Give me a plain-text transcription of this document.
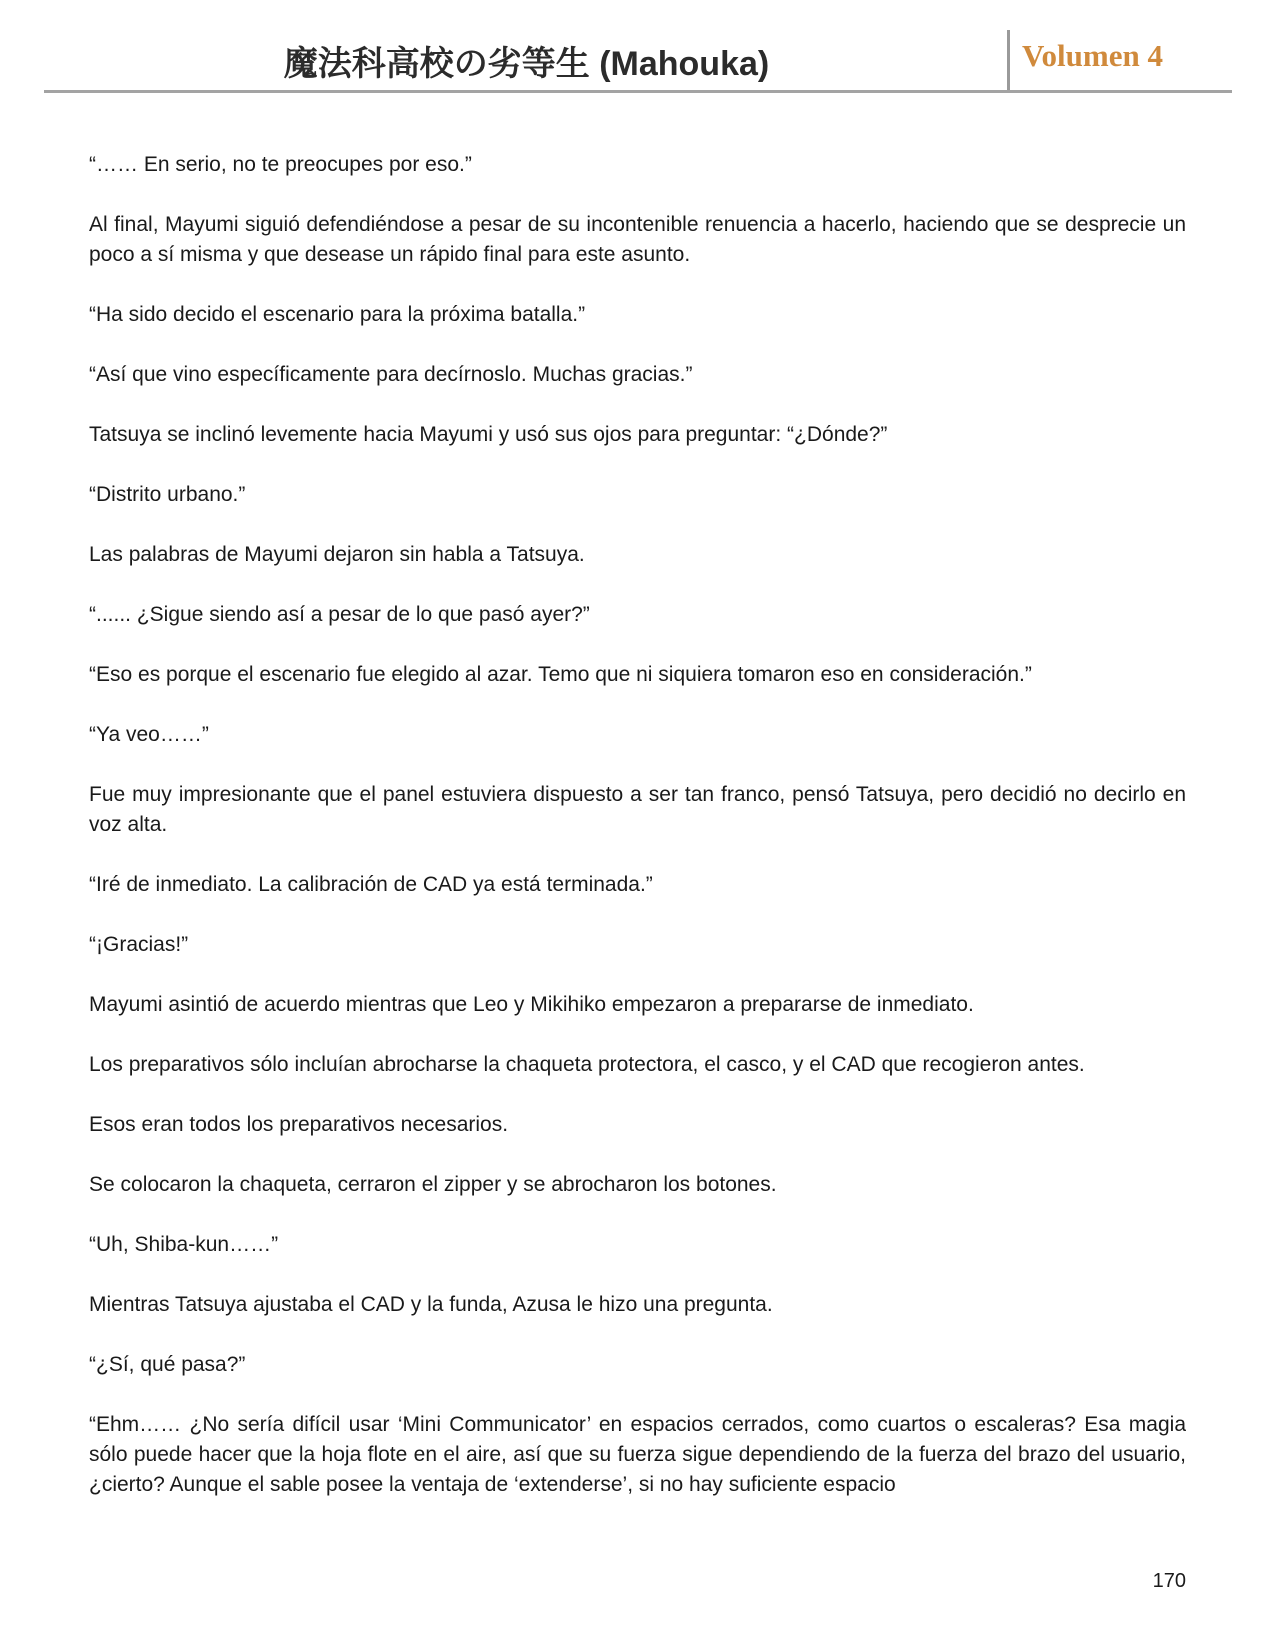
魔法科高校の劣等生 (Mahouka)	Volumen 4

“…… En serio, no te preocupes por eso.”

Al final, Mayumi siguió defendiéndose a pesar de su incontenible renuencia a hacerlo, haciendo que se desprecie un poco a sí misma y que desease un rápido final para este asunto.

“Ha sido decido el escenario para la próxima batalla.”

“Así que vino específicamente para decírnoslo. Muchas gracias.”

Tatsuya se inclinó levemente hacia Mayumi y usó sus ojos para preguntar: “¿Dónde?”

“Distrito urbano.”

Las palabras de Mayumi dejaron sin habla a Tatsuya.

“...... ¿Sigue siendo así a pesar de lo que pasó ayer?”

“Eso es porque el escenario fue elegido al azar. Temo que ni siquiera tomaron eso en consideración.”

“Ya veo……”

Fue muy impresionante que el panel estuviera dispuesto a ser tan franco, pensó Tatsuya, pero decidió no decirlo en voz alta.

“Iré de inmediato. La calibración de CAD ya está terminada.”

“¡Gracias!”

Mayumi asintió de acuerdo mientras que Leo y Mikihiko empezaron a prepararse de inmediato.

Los preparativos sólo incluían abrocharse la chaqueta protectora, el casco, y el CAD que recogieron antes.

Esos eran todos los preparativos necesarios.

Se colocaron la chaqueta, cerraron el zipper y se abrocharon los botones.

“Uh, Shiba-kun……”

Mientras Tatsuya ajustaba el CAD y la funda, Azusa le hizo una pregunta.

“¿Sí, qué pasa?”

“Ehm…… ¿No sería difícil usar ‘Mini Communicator’ en espacios cerrados, como cuartos o escaleras? Esa magia sólo puede hacer que la hoja flote en el aire, así que su fuerza sigue dependiendo de la fuerza del brazo del usuario, ¿cierto? Aunque el sable posee la ventaja de ‘extenderse’, si no hay suficiente espacio

170
